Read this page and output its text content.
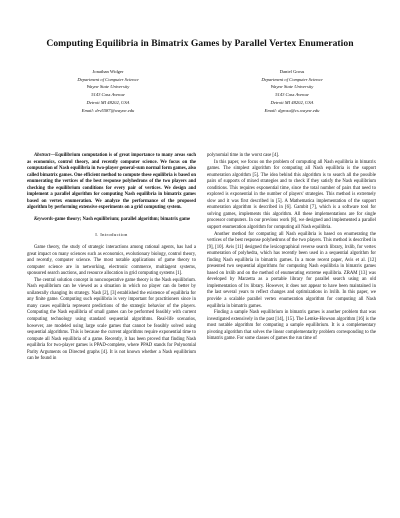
Computing Equilibria in Bimatrix Games by Parallel Vertex Enumeration
Jonathan Widger
Department of Computer Science
Wayne State University
5143 Cass Avenue
Detroit MI 48202, USA
Email: drv5587@wayne.edu
Daniel Grosu
Department of Computer Science
Wayne State University
5143 Cass Avenue
Detroit MI 48202, USA
Email: dgrosu@cs.wayne.edu

Abstract—Equilibrium computation is of great importance to many areas such as economics, control theory, and recently computer science. We focus on the computation of Nash equilibria in two-player general-sum normal form games, also called bimatrix games. One efficient method to compute these equilibria is based on enumerating the vertices of the best response polyhedrons of the two players and checking the equilibrium conditions for every pair of vertices. We design and implement a parallel algorithm for computing Nash equilibria in bimatrix games based on vertex enumeration. We analyze the performance of the proposed algorithm by performing extensive experiments on a grid computing system.

Keywords-game theory; Nash equilibrium; parallel algorithm; bimatrix game

I. Introduction

Game theory, the study of strategic interactions among rational agents, has had a great impact on many sciences such as economics, evolutionary biology, control theory, and recently, computer science. The most notable applications of game theory to computer science are in networking, electronic commerce, multiagent systems, sponsored search auctions, and resource allocation in grid computing systems [1].

The central solution concept in noncooperative game theory is the Nash equilibrium. Nash equilibrium can be viewed as a situation in which no player can do better by unilaterally changing its strategy. Nash [2], [3] established the existence of equilibria for any finite game. Computing such equilibria is very important for practitioners since in many cases equilibria represent predictions of the strategic behavior of the players. Computing the Nash equilibria of small games can be performed feasibly with current computing technology using standard sequential algorithms. Real-life scenarios, however, are modeled using large scale games that cannot be feasibly solved using sequential algorithms. This is because the current algorithms require exponential time to compute all Nash equilibria of a game. Recently, it has been proved that finding Nash equilibria for two-player games is PPAD-complete, where PPAD stands for Polynomial Parity Arguments on Directed graphs [4]. It is not known whether a Nash equilibrium can be found in

polynomial time in the worst case [4].

In this paper, we focus on the problem of computing all Nash equilibria in bimatrix games. The simplest algorithm for computing all Nash equilibria is the support enumeration algorithm [5]. The idea behind this algorithm is to search all the possible pairs of supports of mixed strategies and to check if they satisfy the Nash equilibrium conditions. This requires exponential time, since the total number of pairs that need to explored is exponential in the number of players' strategies. This method is extremely slow and it was first described in [5]. A Mathematica implementation of the support enumeration algorithm is described in [6]. Gambit [7], which is a software tool for solving games, implements this algorithm. All these implementations are for single processor computers. In our previous work [8], we designed and implemented a parallel support enumeration algorithm for computing all Nash equilibria.

Another method for computing all Nash equilibria is based on enumerating the vertices of the best response polyhedrons of the two players. This method is described in [9], [10]. Avis [11] designed the lexicographical reverse search library, lrslib, for vertex enumeration of polyhedra, which has recently been used in a sequential algorithm for finding Nash equilibria in bimatrix games. In a more recent paper, Avis et al. [12] presented two sequential algorithms for computing Nash equilibria in bimatrix games based on lrslib and on the method of enumerating extreme equilibria. ZRAM [13] was developed by Marzetta as a portable library for parallel search using an old implementation of lrs library. However, it does not appear to have been maintained in the last several years to reflect changes and optimizations in lrslib. In this paper, we provide a scalable parallel vertex enumeration algorithm for computing all Nash equilibria in bimatrix games.

Finding a sample Nash equilibrium in bimatrix games is another problem that was investigated extensively in the past [14], [15]. The Lemke-Howson algorithm [16] is the most notable algorithm for computing a sample equilibrium. It is a complementary pivoting algorithm that solves the linear complementarity problem corresponding to the bimatrix game. For some classes of games the run time of
